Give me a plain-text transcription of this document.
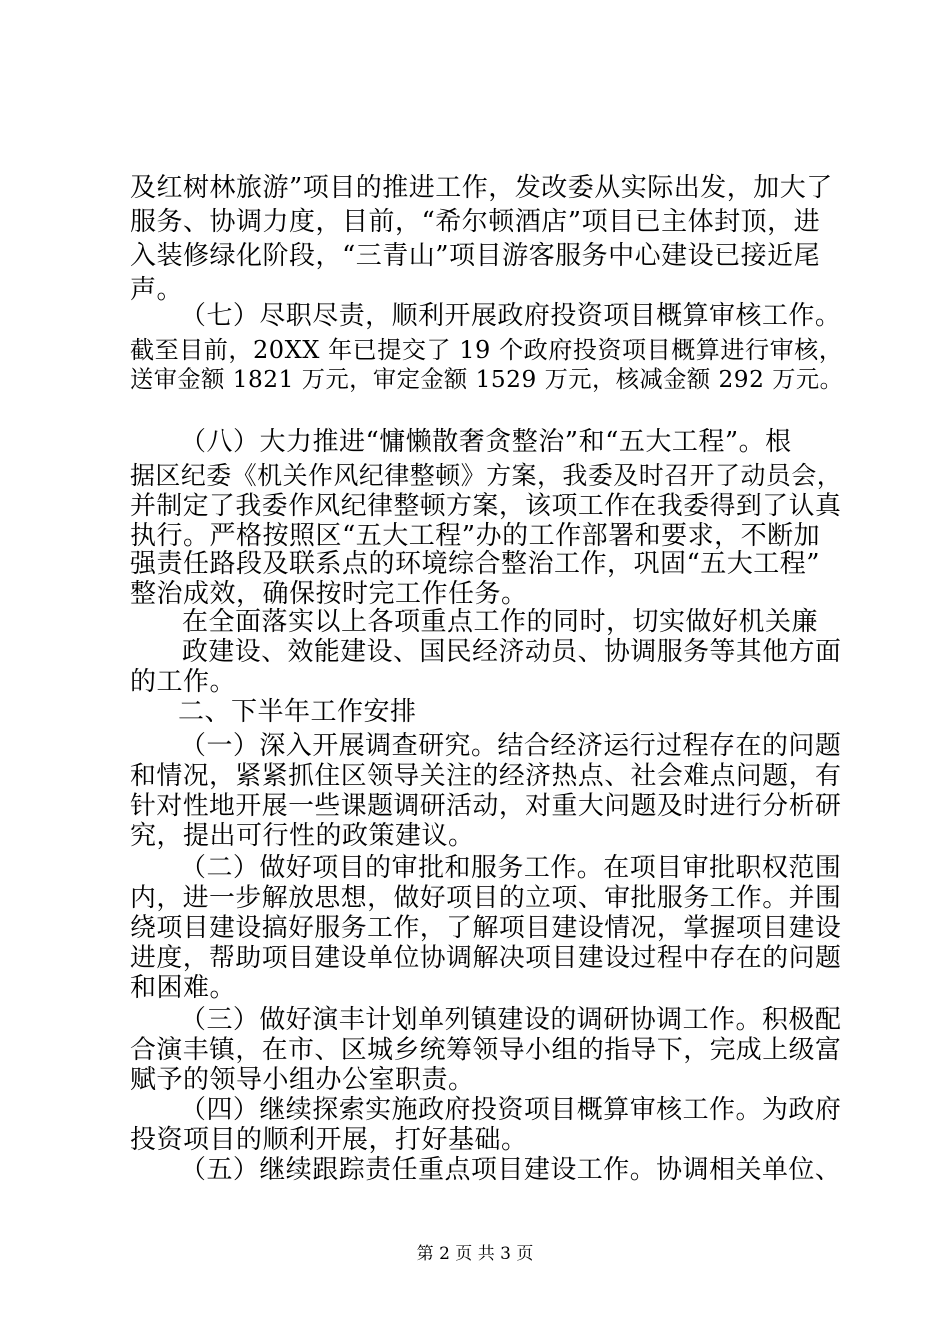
及红树林旅游”项目的推进工作，发改委从实际出发，加大了
服务、协调力度，目前，“希尔顿酒店”项目已主体封顶，进
入装修绿化阶段，“三青山”项目游客服务中心建设已接近尾
声。
（七）尽职尽责，顺利开展政府投资项目概算审核工作。
截至目前，20XX 年已提交了 19 个政府投资项目概算进行审核，
送审金额 1821 万元，审定金额 1529 万元，核减金额 292 万元。
（八）大力推进“慵懒散奢贪整治”和“五大工程”。根
据区纪委《机关作风纪律整顿》方案，我委及时召开了动员会，
并制定了我委作风纪律整顿方案，该项工作在我委得到了认真
执行。严格按照区“五大工程”办的工作部署和要求，不断加
强责任路段及联系点的环境综合整治工作，巩固“五大工程”
整治成效，确保按时完工作任务。
在全面落实以上各项重点工作的同时，切实做好机关廉
政建设、效能建设、国民经济动员、协调服务等其他方面
的工作。
二、下半年工作安排
（一）深入开展调查研究。结合经济运行过程存在的问题
和情况，紧紧抓住区领导关注的经济热点、社会难点问题，有
针对性地开展一些课题调研活动，对重大问题及时进行分析研
究，提出可行性的政策建议。
（二）做好项目的审批和服务工作。在项目审批职权范围
内，进一步解放思想，做好项目的立项、审批服务工作。并围
绕项目建设搞好服务工作，了解项目建设情况，掌握项目建设
进度，帮助项目建设单位协调解决项目建设过程中存在的问题
和困难。
（三）做好演丰计划单列镇建设的调研协调工作。积极配
合演丰镇，在市、区城乡统筹领导小组的指导下，完成上级富
赋予的领导小组办公室职责。
（四）继续探索实施政府投资项目概算审核工作。为政府
投资项目的顺利开展，打好基础。
（五）继续跟踪责任重点项目建设工作。协调相关单位、
第 2 页 共 3 页
